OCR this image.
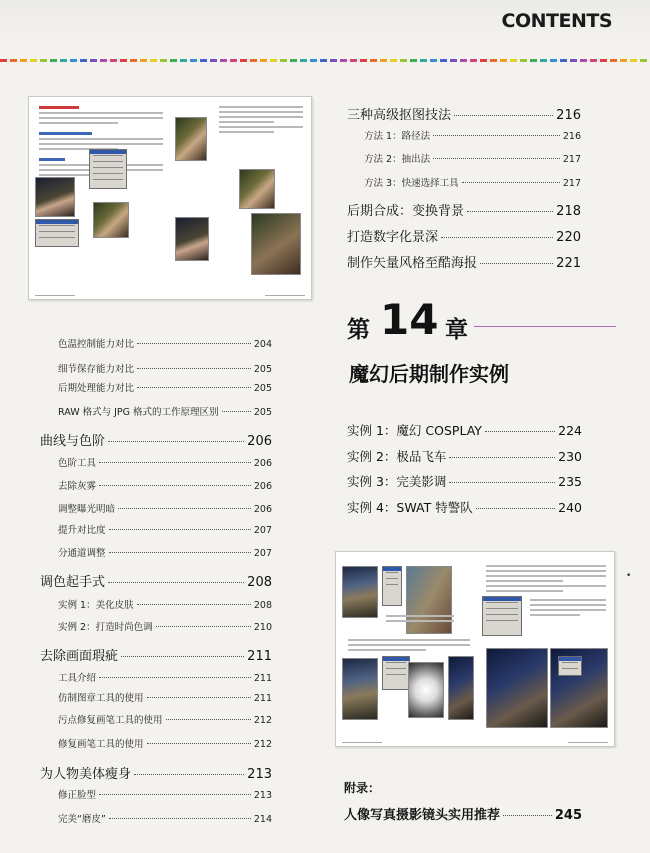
CONTENTS
色温控制能力对比	204
细节保存能力对比	205
后期处理能力对比	205
RAW 格式与 JPG 格式的工作原理区别	205
曲线与色阶	206
色阶工具	206
去除灰雾	206
调整曝光明暗	206
提升对比度	207
分通道调整	207
调色起手式	208
实例 1：美化皮肤	208
实例 2：打造时尚色调	210
去除画面瑕疵	211
工具介绍	211
仿制图章工具的使用	211
污点修复画笔工具的使用	212
修复画笔工具的使用	212
为人物美体瘦身	213
修正脸型	213
完美“磨皮”	214
三种高级抠图技法	216
方法 1：路径法	216
方法 2：抽出法	217
方法 3：快速选择工具	217
后期合成：变换背景	218
打造数字化景深	220
制作矢量风格至酷海报	221
第 14 章
魔幻后期制作实例
实例 1：魔幻 COSPLAY	224
实例 2：极品飞车	230
实例 3：完美影调	235
实例 4：SWAT 特警队	240
•
附录：
人像写真摄影镜头实用推荐	245
